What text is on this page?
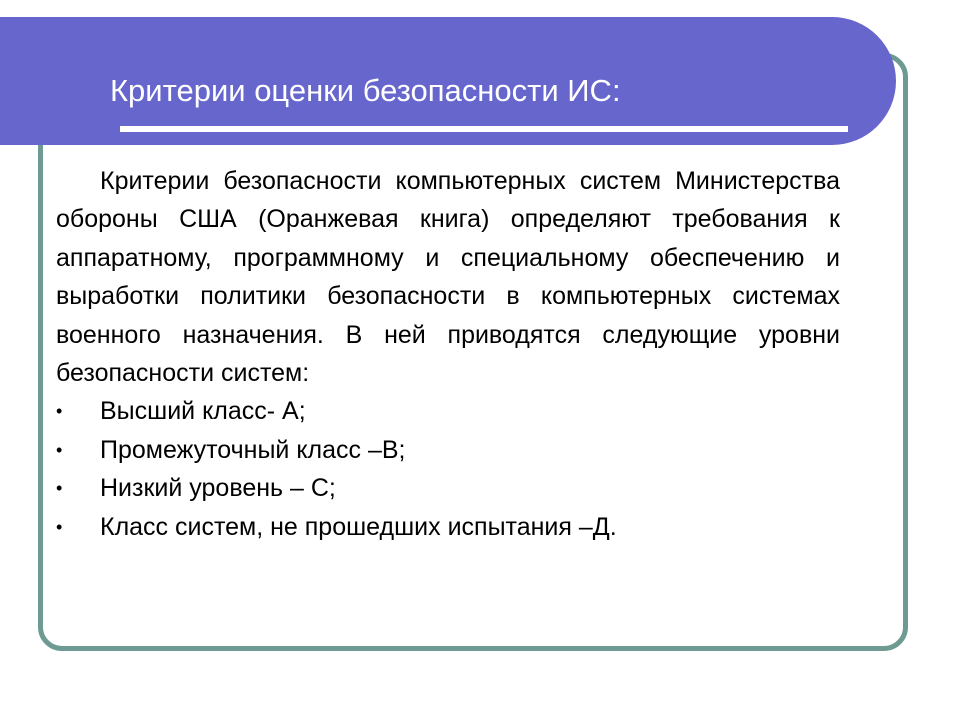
Критерии оценки безопасности ИС:

Критерии безопасности компьютерных систем Министерства обороны США (Оранжевая книга) определяют требования к аппаратному, программному и специальному обеспечению и выработки политики безопасности в компьютерных системах военного назначения. В ней приводятся следующие уровни безопасности систем:

•	Высший класс- А;
•	Промежуточный класс –В;
•	Низкий уровень – С;
•	Класс систем, не прошедших испытания –Д.
